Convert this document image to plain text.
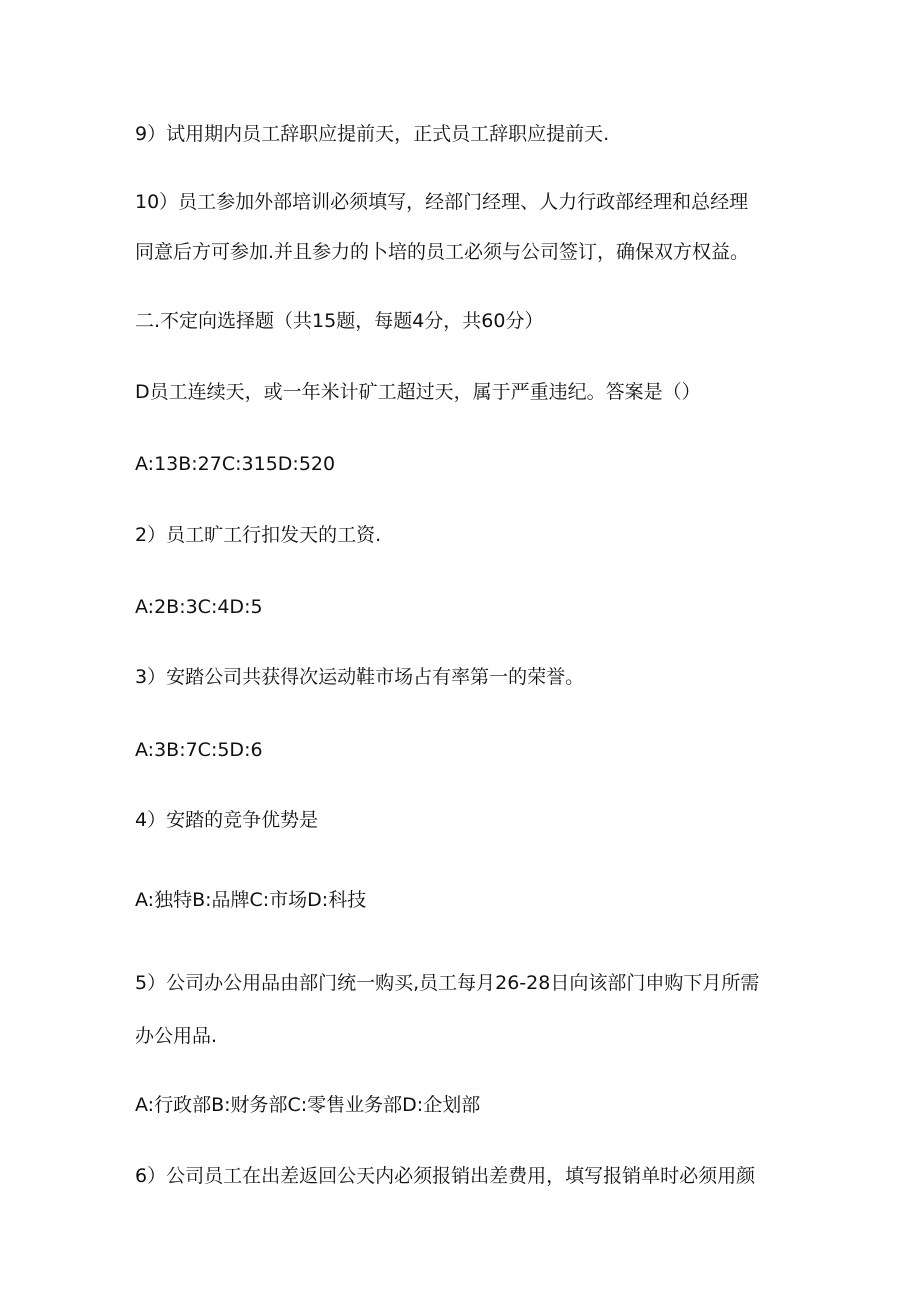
9）试用期内员工辞职应提前天，正式员工辞职应提前天.
10）员工参加外部培训必须填写，经部门经理、人力行政部经理和总经理
同意后方可参加.并且参力的卜培的员工必须与公司签订，确保双方权益。
二.不定向选择题（共15题，每题4分，共60分）
D员工连续天，或一年米计矿工超过天，属于严重违纪。答案是（）
A:13B:27C:315D:520
2）员工旷工行扣发天的工资.
A:2B:3C:4D:5
3）安踏公司共获得次运动鞋市场占有率第一的荣誉。
A:3B:7C:5D:6
4）安踏的竞争优势是
A:独特B:品牌C:市场D:科技
5）公司办公用品由部门统一购买,员工每月26-28日向该部门申购下月所需
办公用品.
A:行政部B:财务部C:零售业务部D:企划部
6）公司员工在出差返回公天内必须报销出差费用，填写报销单时必须用颜
